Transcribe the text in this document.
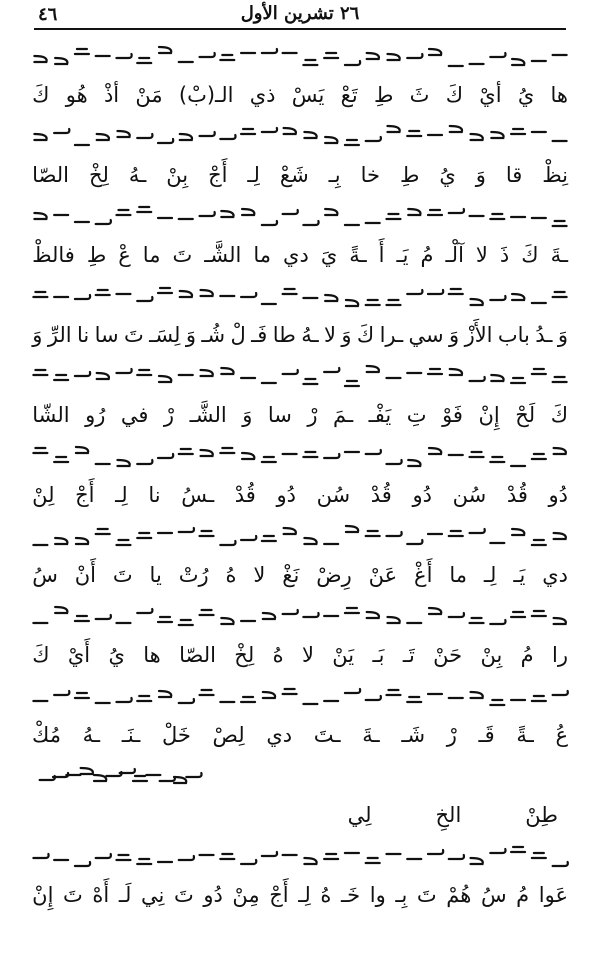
٤٦	٢٦ تشرين الأول
ها
يُ
أيْ
كَ
ثَ
طِ
تَعْ
يَسْ
ذي
الـ(بْ)
مَنْ
أذْ
هُو
كَ
نِظْ
قا
وَ
يُ
طِ
خا
بِـ
شَعْ
لِـ
أَجْ
بِنْ
ـهُ
لِخْ
الصّا
ـةَ
كَ
ذَ
لا
آلْـ
مُ
يَـ
أَ
ـةً
يَ
دي
ما
الشَّـ
تَ
ما
عْ
طِ
فالظْ
وَ
ـدُ
باب
الأَزْ
وَ
سي
ـرا
كَ
وَ
لا
ـهُ
طا
فَـ
لْ
شُـ
وَ
لِسَـ
تَ
سا
نا
الرِّ
وَ
كَ
لَحْ
إِنْ
فَوْ
تِ
يَفْـ
ـمَ
رْ
سا
وَ
الشَّـ
رْ
في
رُو
الشّا
دُو
قُدْ
سُن
دُو
قُدْ
سُن
دُو
قُدْ
ـسُ
نا
لِـ
أَجْ
لِنْ
دي
يَـ
لِـ
ما
أَغْ
عَنْ
رِضْ
نَغْ
لا
هُ
رُتْ
يا
تَ
أَنْ
سُ
را
مُ
بِنْ
حَنْ
تَـ
بَـ
يَنْ
لا
هُ
لِخْ
الصّا
ها
يُ
أَيْ
كَ
عُ
ـةً
قَـ
رْ
شَـ
ـةَ
ـتَ
دي
لِصْ
خَلْ
ـنَـ
ـهُ
مُكْ
طِنْ
الخِ
لِي
عَوا
مُ
سُ
هُمْ
تَ
بِـ
وا
خَـ
هُ
لِـ
أَجْ
مِنْ
دُو
تَ
نِي
لَـ
أَهْ
تَ
إِنْ
